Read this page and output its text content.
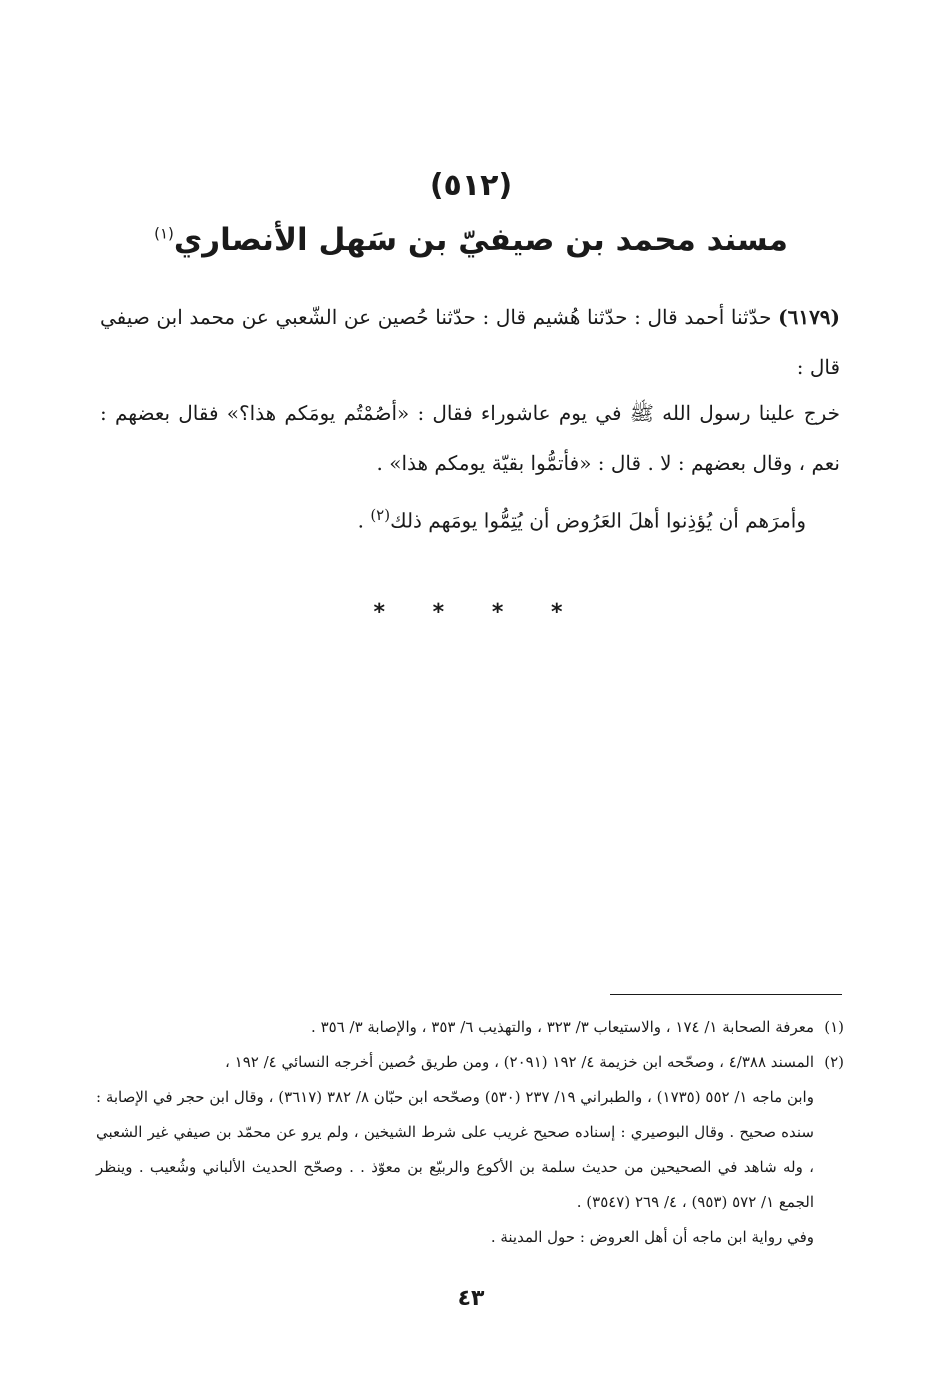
(٥١٢)
مسند محمد بن صيفيّ بن سَهل الأنصاري$^{(١)}$
(٦١٧٩) حدّثنا أحمد قال : حدّثنا هُشيم قال : حدّثنا حُصين عن الشّعبي عن محمد ابن صيفي قال :
خرج علينا رسول الله ﷺ في يوم عاشوراء فقال : «أصُمْتُم يومَكم هذا؟» فقال بعضهم : نعم ، وقال بعضهم : لا . قال : «فأتمُّوا بقيّة يومكم هذا» .
وأمرَهم أن يُؤذِنوا أهلَ العَرُوض أن يُتِمُّوا يومَهم ذلك$^{(٢)}$ .
* * * *
(١)معرفة الصحابة ١/ ١٧٤ ، والاستيعاب ٣/ ٣٢٣ ، والتهذيب ٦/ ٣٥٣ ، والإصابة ٣/ ٣٥٦ .
(٢)المسند ٤/٣٨٨ ، وصحّحه ابن خزيمة ٤/ ١٩٢ (٢٠٩١) ، ومن طريق حُصين أخرجه النسائي ٤/ ١٩٢ ،
وابن ماجه ١/ ٥٥٢ (١٧٣٥) ، والطبراني ١٩/ ٢٣٧ (٥٣٠) وصحّحه ابن حبّان ٨/ ٣٨٢ (٣٦١٧) ، وقال ابن حجر في الإصابة : سنده صحيح . وقال البوصيري : إسناده صحيح غريب على شرط الشيخين ، ولم يرو عن محمّد بن صيفي غير الشعبي ، وله شاهد في الصحيحين من حديث سلمة بن الأكوع والربيّع بن معوّذ . . وصحّح الحديث الألباني وشُعيب . وينظر الجمع ١/ ٥٧٢ (٩٥٣) ، ٤/ ٢٦٩ (٣٥٤٧) .
وفي رواية ابن ماجه أن أهل العروض : حول المدينة .
٤٣
